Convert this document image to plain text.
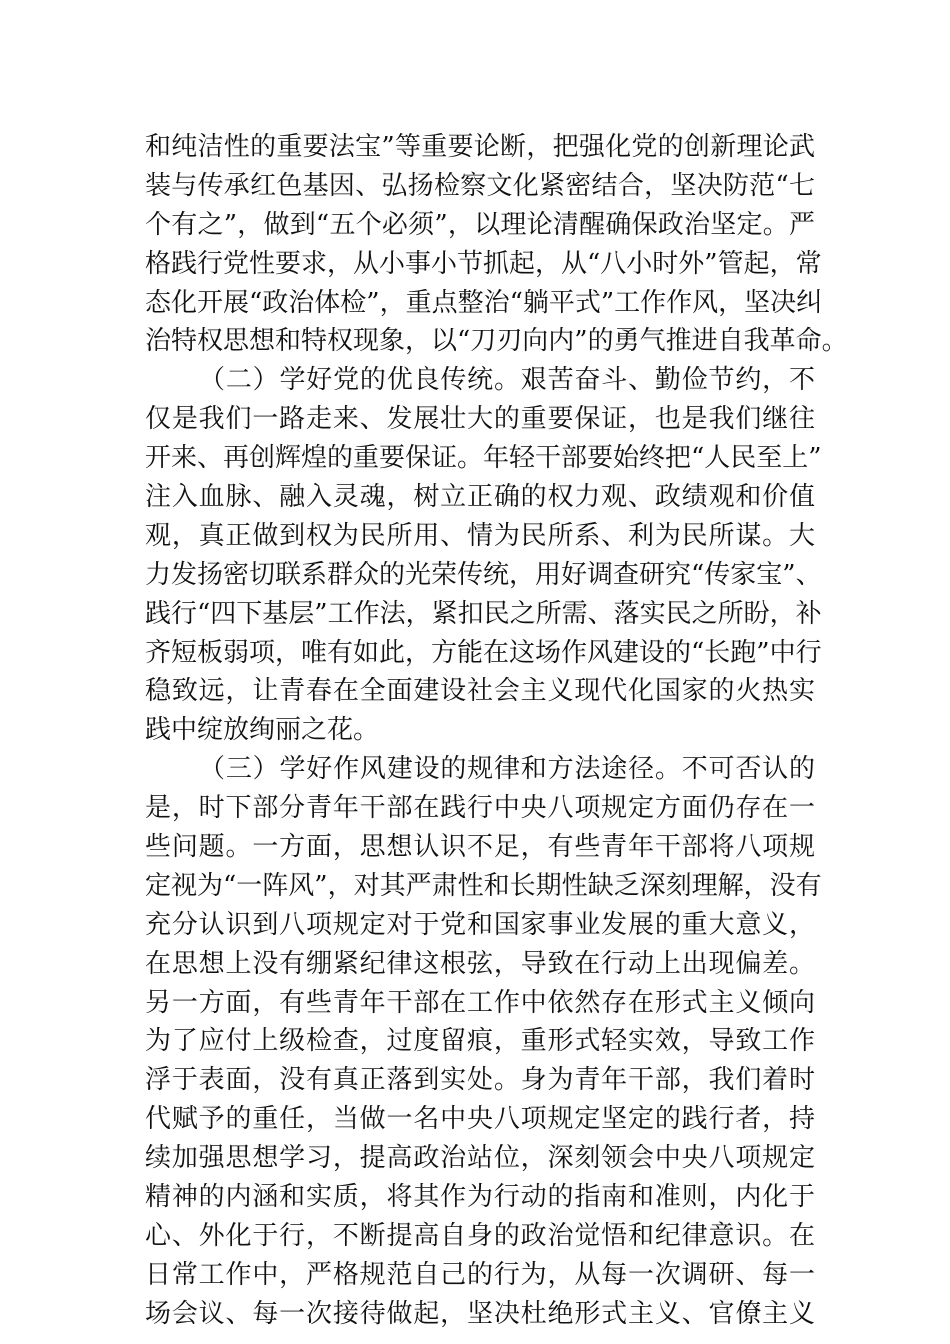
和纯洁性的重要法宝”等重要论断，把强化党的创新理论武
装与传承红色基因、弘扬检察文化紧密结合，坚决防范“七
个有之”，做到“五个必须”，以理论清醒确保政治坚定。严
格践行党性要求，从小事小节抓起，从“八小时外”管起，常
态化开展“政治体检”，重点整治“躺平式”工作作风，坚决纠
治特权思想和特权现象，以“刀刃向内”的勇气推进自我革命。
（二）学好党的优良传统。艰苦奋斗、勤俭节约，不
仅是我们一路走来、发展壮大的重要保证，也是我们继往
开来、再创辉煌的重要保证。年轻干部要始终把“人民至上”
注入血脉、融入灵魂，树立正确的权力观、政绩观和价值
观，真正做到权为民所用、情为民所系、利为民所谋。大
力发扬密切联系群众的光荣传统，用好调查研究“传家宝”、
践行“四下基层”工作法，紧扣民之所需、落实民之所盼，补
齐短板弱项，唯有如此，方能在这场作风建设的“长跑”中行
稳致远，让青春在全面建设社会主义现代化国家的火热实
践中绽放绚丽之花。
（三）学好作风建设的规律和方法途径。不可否认的
是，时下部分青年干部在践行中央八项规定方面仍存在一
些问题。一方面，思想认识不足，有些青年干部将八项规
定视为“一阵风”，对其严肃性和长期性缺乏深刻理解，没有
充分认识到八项规定对于党和国家事业发展的重大意义，
在思想上没有绷紧纪律这根弦，导致在行动上出现偏差。
另一方面，有些青年干部在工作中依然存在形式主义倾向
为了应付上级检查，过度留痕，重形式轻实效，导致工作
浮于表面，没有真正落到实处。身为青年干部，我们着时
代赋予的重任，当做一名中央八项规定坚定的践行者，持
续加强思想学习，提高政治站位，深刻领会中央八项规定
精神的内涵和实质，将其作为行动的指南和准则，内化于
心、外化于行，不断提高自身的政治觉悟和纪律意识。在
日常工作中，严格规范自己的行为，从每一次调研、每一
场会议、每一次接待做起，坚决杜绝形式主义、官僚主义
